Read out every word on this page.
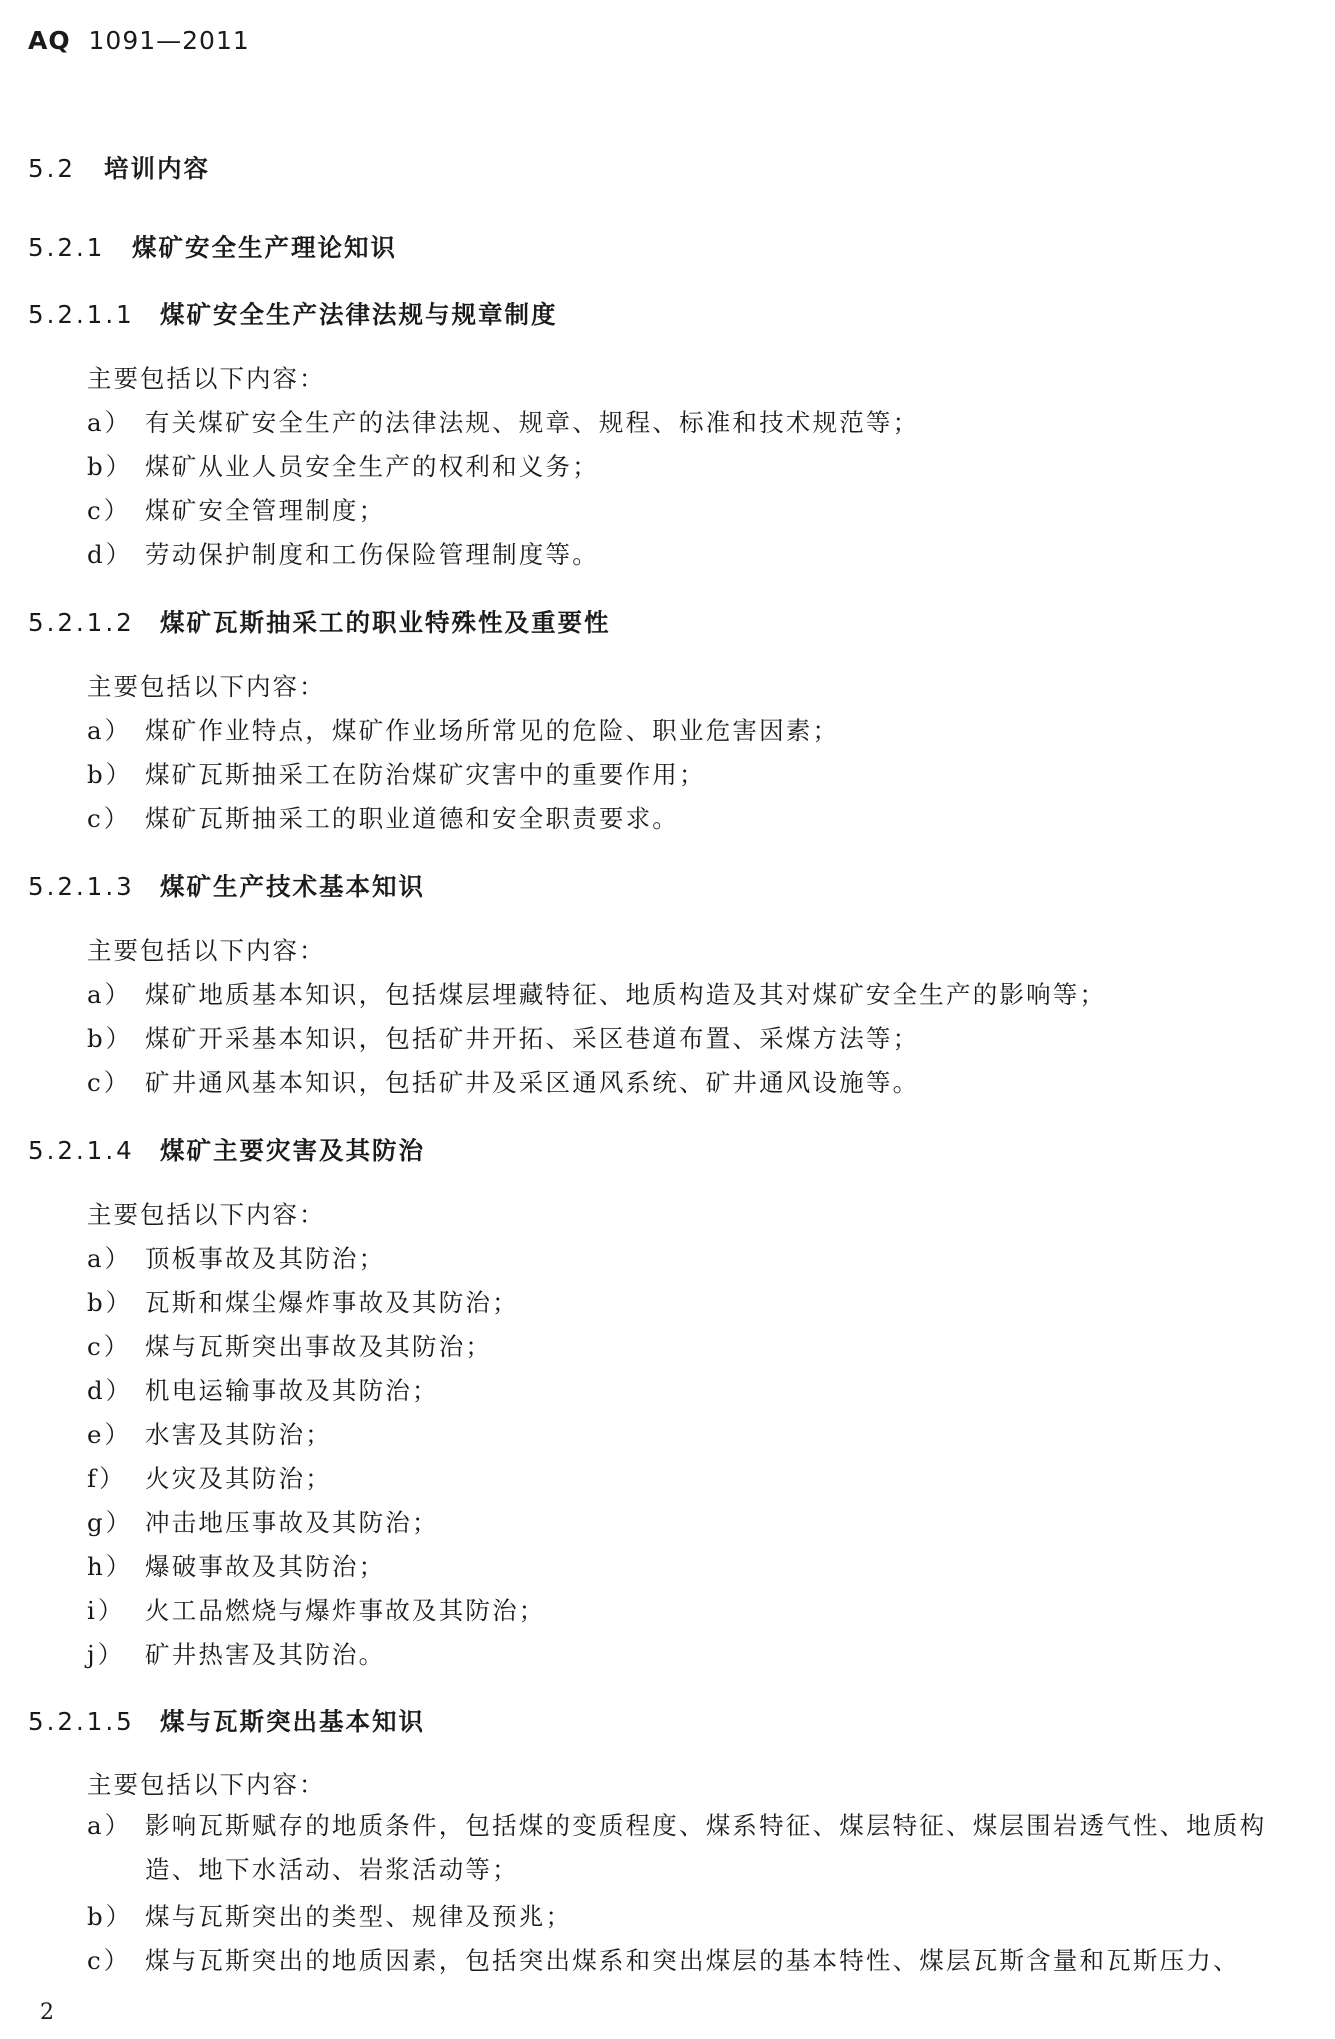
AQ 1091—2011
5.2 培训内容
5.2.1 煤矿安全生产理论知识
5.2.1.1 煤矿安全生产法律法规与规章制度
主要包括以下内容：
a） 有关煤矿安全生产的法律法规、规章、规程、标准和技术规范等；
b） 煤矿从业人员安全生产的权利和义务；
c） 煤矿安全管理制度；
d） 劳动保护制度和工伤保险管理制度等。
5.2.1.2 煤矿瓦斯抽采工的职业特殊性及重要性
主要包括以下内容：
a） 煤矿作业特点，煤矿作业场所常见的危险、职业危害因素；
b） 煤矿瓦斯抽采工在防治煤矿灾害中的重要作用；
c） 煤矿瓦斯抽采工的职业道德和安全职责要求。
5.2.1.3 煤矿生产技术基本知识
主要包括以下内容：
a） 煤矿地质基本知识，包括煤层埋藏特征、地质构造及其对煤矿安全生产的影响等；
b） 煤矿开采基本知识，包括矿井开拓、采区巷道布置、采煤方法等；
c） 矿井通风基本知识，包括矿井及采区通风系统、矿井通风设施等。
5.2.1.4 煤矿主要灾害及其防治
主要包括以下内容：
a） 顶板事故及其防治；
b） 瓦斯和煤尘爆炸事故及其防治；
c） 煤与瓦斯突出事故及其防治；
d） 机电运输事故及其防治；
e） 水害及其防治；
f） 火灾及其防治；
g） 冲击地压事故及其防治；
h） 爆破事故及其防治；
i） 火工品燃烧与爆炸事故及其防治；
j） 矿井热害及其防治。
5.2.1.5 煤与瓦斯突出基本知识
主要包括以下内容：
a） 影响瓦斯赋存的地质条件，包括煤的变质程度、煤系特征、煤层特征、煤层围岩透气性、地质构造、地下水活动、岩浆活动等；
b） 煤与瓦斯突出的类型、规律及预兆；
c） 煤与瓦斯突出的地质因素，包括突出煤系和突出煤层的基本特性、煤层瓦斯含量和瓦斯压力、
2
